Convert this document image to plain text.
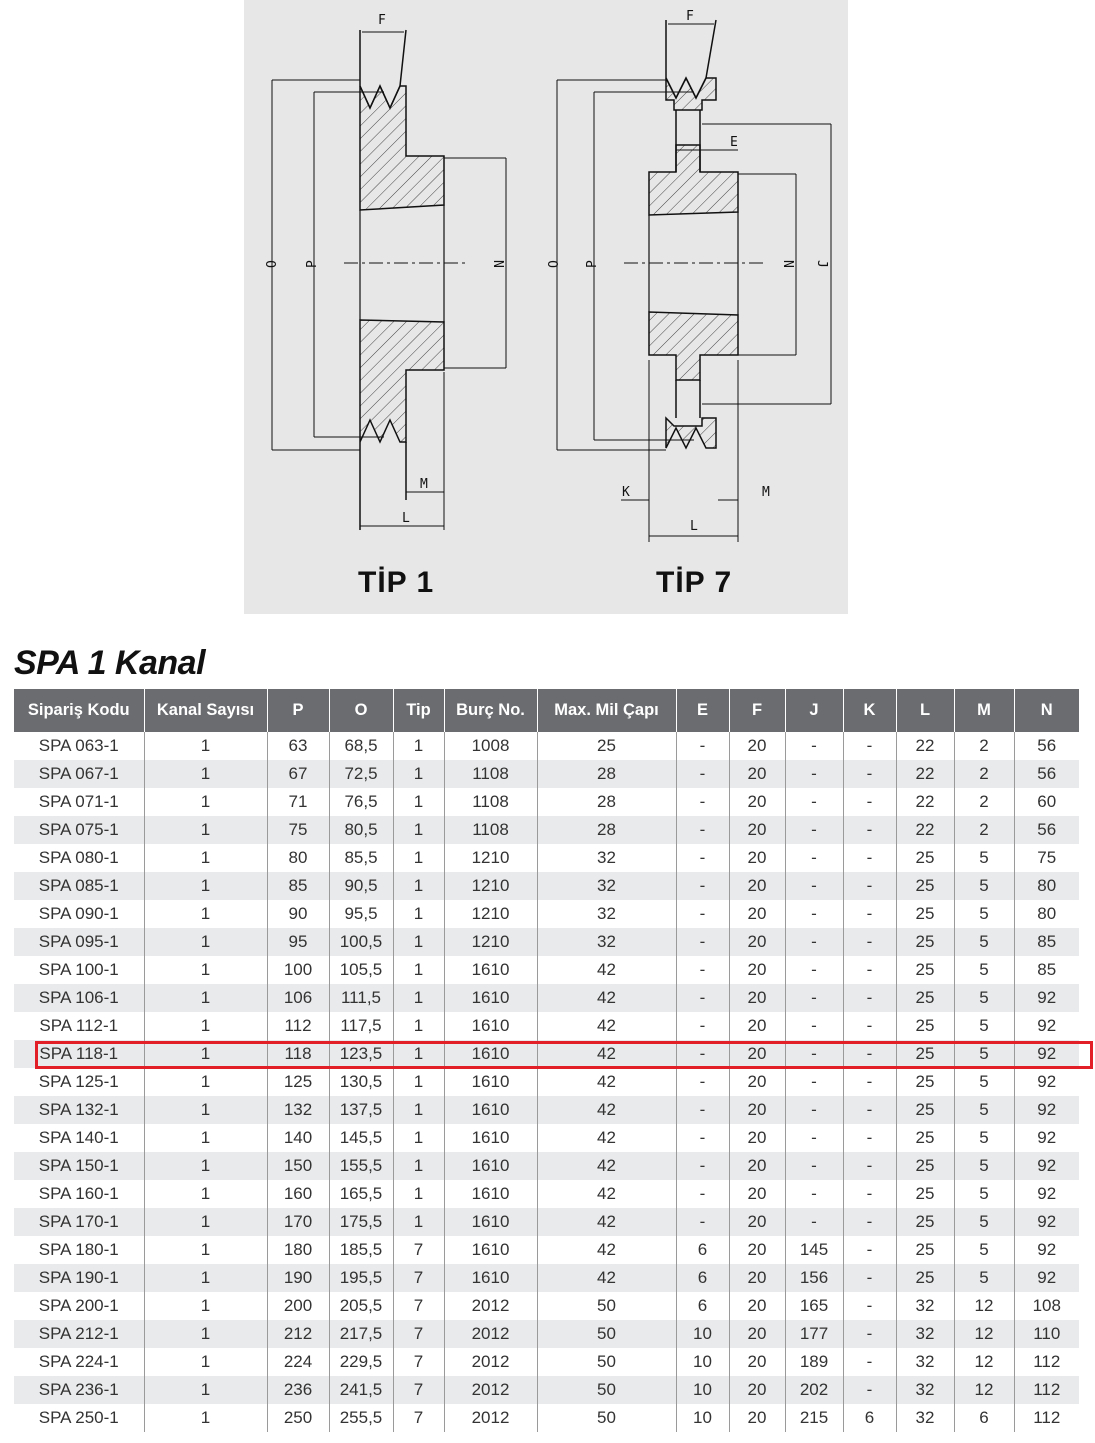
F
O P	N
M
L
F
E
O P	N J
K	M
L
TİP 1	TİP 7
SPA 1 Kanal
Sipariş Kodu	Kanal Sayısı	P	O	Tip	Burç No.	Max. Mil Çapı	E	F	J	K	L	M	N
SPA 063-1	1	63	68,5	1	1008	25	-	20	-	-	22	2	56
SPA 067-1	1	67	72,5	1	1108	28	-	20	-	-	22	2	56
SPA 071-1	1	71	76,5	1	1108	28	-	20	-	-	22	2	60
SPA 075-1	1	75	80,5	1	1108	28	-	20	-	-	22	2	56
SPA 080-1	1	80	85,5	1	1210	32	-	20	-	-	25	5	75
SPA 085-1	1	85	90,5	1	1210	32	-	20	-	-	25	5	80
SPA 090-1	1	90	95,5	1	1210	32	-	20	-	-	25	5	80
SPA 095-1	1	95	100,5	1	1210	32	-	20	-	-	25	5	85
SPA 100-1	1	100	105,5	1	1610	42	-	20	-	-	25	5	85
SPA 106-1	1	106	111,5	1	1610	42	-	20	-	-	25	5	92
SPA 112-1	1	112	117,5	1	1610	42	-	20	-	-	25	5	92
SPA 118-1	1	118	123,5	1	1610	42	-	20	-	-	25	5	92
SPA 125-1	1	125	130,5	1	1610	42	-	20	-	-	25	5	92
SPA 132-1	1	132	137,5	1	1610	42	-	20	-	-	25	5	92
SPA 140-1	1	140	145,5	1	1610	42	-	20	-	-	25	5	92
SPA 150-1	1	150	155,5	1	1610	42	-	20	-	-	25	5	92
SPA 160-1	1	160	165,5	1	1610	42	-	20	-	-	25	5	92
SPA 170-1	1	170	175,5	1	1610	42	-	20	-	-	25	5	92
SPA 180-1	1	180	185,5	7	1610	42	6	20	145	-	25	5	92
SPA 190-1	1	190	195,5	7	1610	42	6	20	156	-	25	5	92
SPA 200-1	1	200	205,5	7	2012	50	6	20	165	-	32	12	108
SPA 212-1	1	212	217,5	7	2012	50	10	20	177	-	32	12	110
SPA 224-1	1	224	229,5	7	2012	50	10	20	189	-	32	12	112
SPA 236-1	1	236	241,5	7	2012	50	10	20	202	-	32	12	112
SPA 250-1	1	250	255,5	7	2012	50	10	20	215	6	32	6	112
